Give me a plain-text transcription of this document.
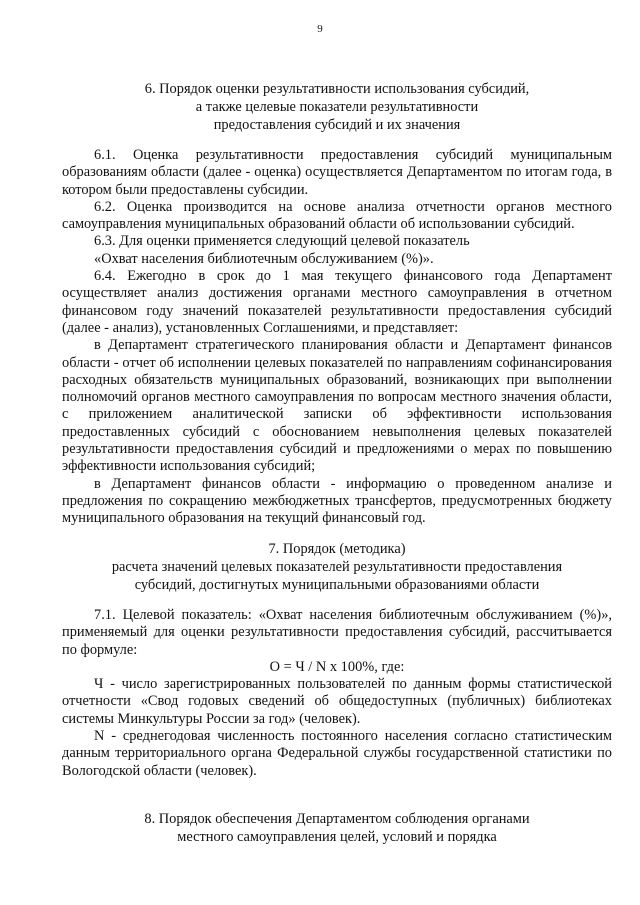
9
6. Порядок оценки результативности использования субсидий,
а также целевые показатели результативности
предоставления субсидий и их значения
6.1. Оценка результативности предоставления субсидий муниципальным образованиям области (далее - оценка) осуществляется Департаментом по итогам года, в котором были предоставлены субсидии.
6.2. Оценка производится на основе анализа отчетности органов местного самоуправления муниципальных образований области об использовании субсидий.
6.3. Для оценки применяется следующий целевой показатель
«Охват населения библиотечным обслуживанием (%)».
6.4. Ежегодно в срок до 1 мая текущего финансового года Департамент осуществляет анализ достижения органами местного самоуправления в отчетном финансовом году значений показателей результативности предоставления субсидий (далее - анализ), установленных Соглашениями, и представляет:
в Департамент стратегического планирования области и Департамент финансов области - отчет об исполнении целевых показателей по направлениям софинансирования расходных обязательств муниципальных образований, возникающих при выполнении полномочий органов местного самоуправления по вопросам местного значения области, с приложением аналитической записки об эффективности использования предоставленных субсидий с обоснованием невыполнения целевых показателей результативности предоставления субсидий и предложениями о мерах по повышению эффективности использования субсидий;
в Департамент финансов области - информацию о проведенном анализе и предложения по сокращению межбюджетных трансфертов, предусмотренных бюджету муниципального образования на текущий финансовый год.
7. Порядок (методика)
расчета значений целевых показателей результативности предоставления
субсидий, достигнутых муниципальными образованиями области
7.1. Целевой показатель: «Охват населения библиотечным обслуживанием (%)», применяемый для оценки результативности предоставления субсидий, рассчитывается по формуле:
О = Ч / N х 100%, где:
Ч - число зарегистрированных пользователей по данным формы статистической отчетности «Свод годовых сведений об общедоступных (публичных) библиотеках системы Минкультуры России за год» (человек).
N - среднегодовая численность постоянного населения согласно статистическим данным территориального органа Федеральной службы государственной статистики по Вологодской области (человек).
8. Порядок обеспечения Департаментом соблюдения органами
местного самоуправления целей, условий и порядка
